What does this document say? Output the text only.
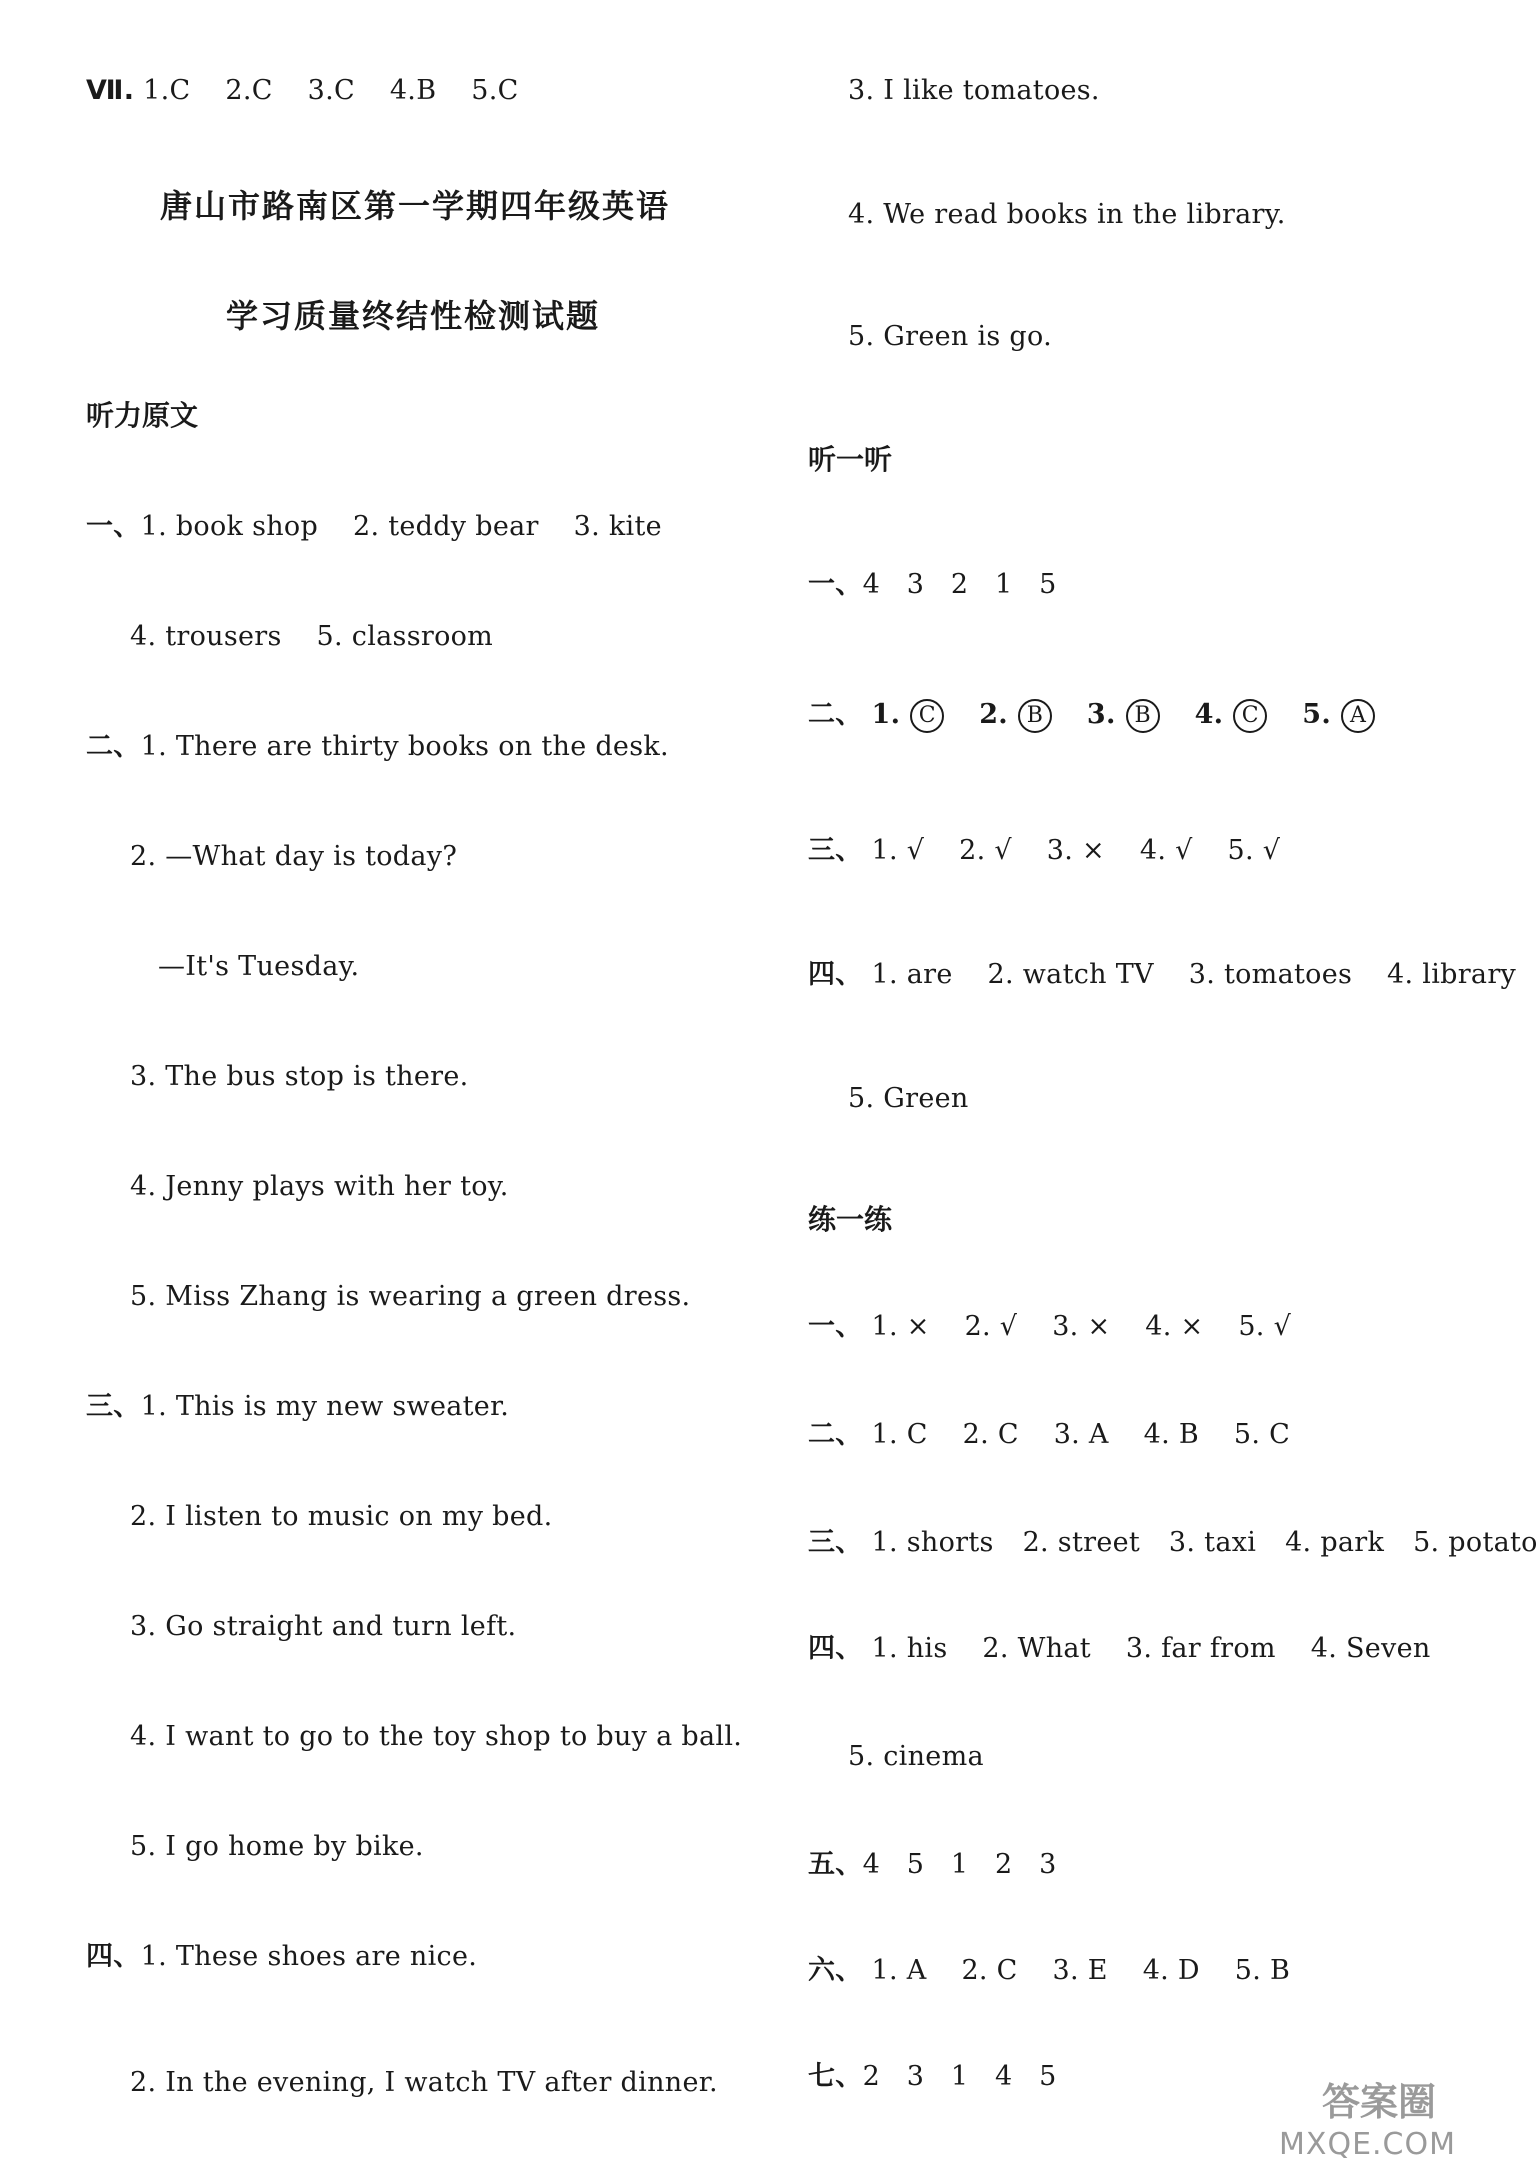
Ⅶ. 1.C 2.C 3.C 4.B 5.C
唐山市路南区第一学期四年级英语
学习质量终结性检测试题
听力原文
一、1. book shop 2. teddy bear 3. kite
4. trousers 5. classroom
二、1. There are thirty books on the desk.
2. —What day is today?
—It's Tuesday.
3. The bus stop is there.
4. Jenny plays with her toy.
5. Miss Zhang is wearing a green dress.
三、1. This is my new sweater.
2. I listen to music on my bed.
3. Go straight and turn left.
4. I want to go to the toy shop to buy a ball.
5. I go home by bike.
四、1. These shoes are nice.
2. In the evening, I watch TV after dinner.
3. I like tomatoes.
4. We read books in the library.
5. Green is go.
听一听
一、4   3   2   1   5
二、 1. C 2. B 3. B 4. C 5. A
三、 1. √ 2. √ 3. × 4. √ 5. √
四、 1. are 2. watch TV 3. tomatoes 4. library
5. Green
练一练
一、 1. × 2. √ 3. × 4. × 5. √
二、 1. C 2. C 3. A 4. B 5. C
三、 1. shorts 2. street 3. taxi 4. park 5. potato
四、 1. his 2. What 3. far from 4. Seven
5. cinema
五、4   5   1   2   3
六、 1. A 2. C 3. E 4. D 5. B
七、2   3   1   4   5
答案圈
MXQE.COM
